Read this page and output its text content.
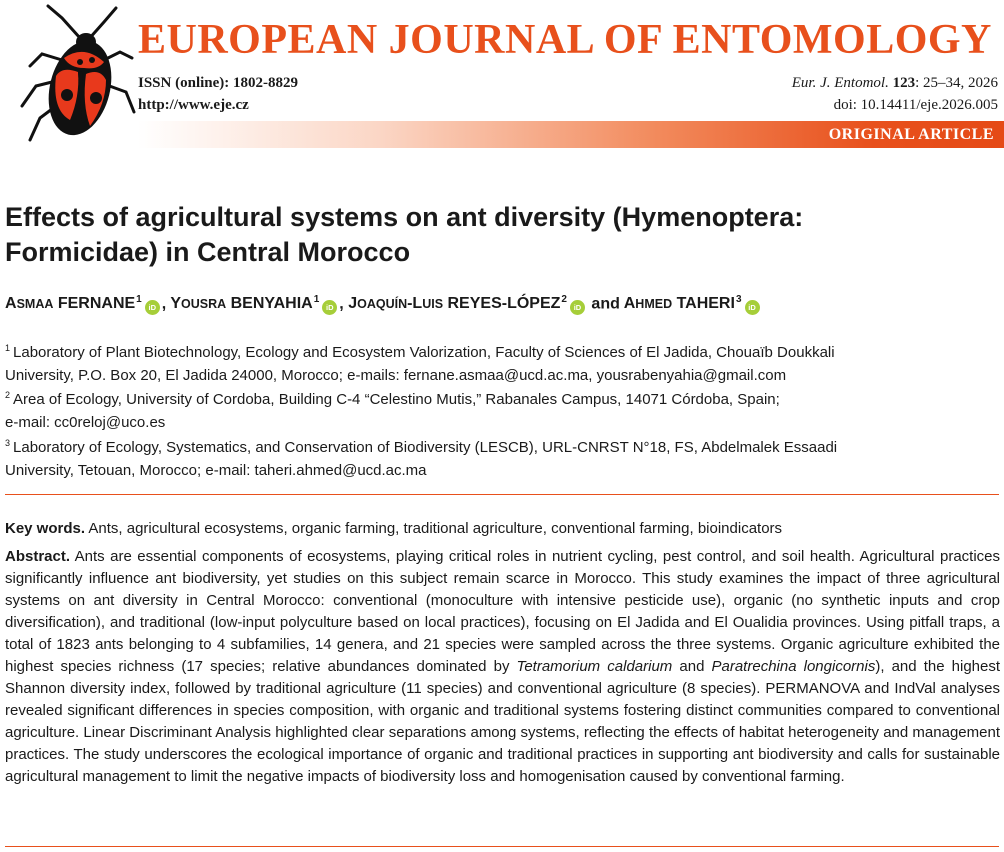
EUROPEAN JOURNAL OF ENTOMOLOGY
ISSN (online): 1802-8829
http://www.eje.cz
Eur. J. Entomol. 123: 25–34, 2026
doi: 10.14411/eje.2026.005
ORIGINAL ARTICLE
Effects of agricultural systems on ant diversity (Hymenoptera:
Formicidae) in Central Morocco
ASMAA FERNANE$^1$iD , YOUSRA BENYAHIA$^1$iD , JOAQUÍN-LUIS REYES-LÓPEZ$^2$iD and AHMED TAHERI$^3$iD
$^1$ Laboratory of Plant Biotechnology, Ecology and Ecosystem Valorization, Faculty of Sciences of El Jadida, Chouaïb Doukkali
University, P.O. Box 20, El Jadida 24000, Morocco; e-mails: fernane.asmaa@ucd.ac.ma, yousrabenyahia@gmail.com
$^2$ Area of Ecology, University of Cordoba, Building C-4 “Celestino Mutis,” Rabanales Campus, 14071 Córdoba, Spain;
e-mail: cc0reloj@uco.es
$^3$ Laboratory of Ecology, Systematics, and Conservation of Biodiversity (LESCB), URL-CNRST N°18, FS, Abdelmalek Essaadi
University, Tetouan, Morocco; e-mail: taheri.ahmed@ucd.ac.ma
Key words. Ants, agricultural ecosystems, organic farming, traditional agriculture, conventional farming, bioindicators
Abstract. Ants are essential components of ecosystems, playing critical roles in nutrient cycling, pest control, and soil health. Agricultural practices significantly influence ant biodiversity, yet studies on this subject remain scarce in Morocco. This study examines the impact of three agricultural systems on ant diversity in Central Morocco: conventional (monoculture with intensive pesticide use), organic (no synthetic inputs and crop diversification), and traditional (low-input polyculture based on local practices), focusing on El Jadida and El Oualidia provinces. Using pitfall traps, a total of 1823 ants belonging to 4 subfamilies, 14 genera, and 21 species were sampled across the three systems. Organic agriculture exhibited the highest species richness (17 species; relative abundances dominated by Tetramorium caldarium and Paratrechina longicornis), and the highest Shannon diversity index, followed by traditional agriculture (11 species) and conventional agriculture (8 species). PERMANOVA and IndVal analyses revealed significant differences in species composition, with organic and traditional systems fostering distinct communities compared to conventional agriculture. Linear Discriminant Analysis highlighted clear separations among systems, reflecting the effects of habitat heterogeneity and management practices. The study underscores the ecological importance of organic and traditional practices in supporting ant biodiversity and calls for sustainable agricultural management to limit the negative impacts of biodiversity loss and homogenisation caused by conventional farming.
